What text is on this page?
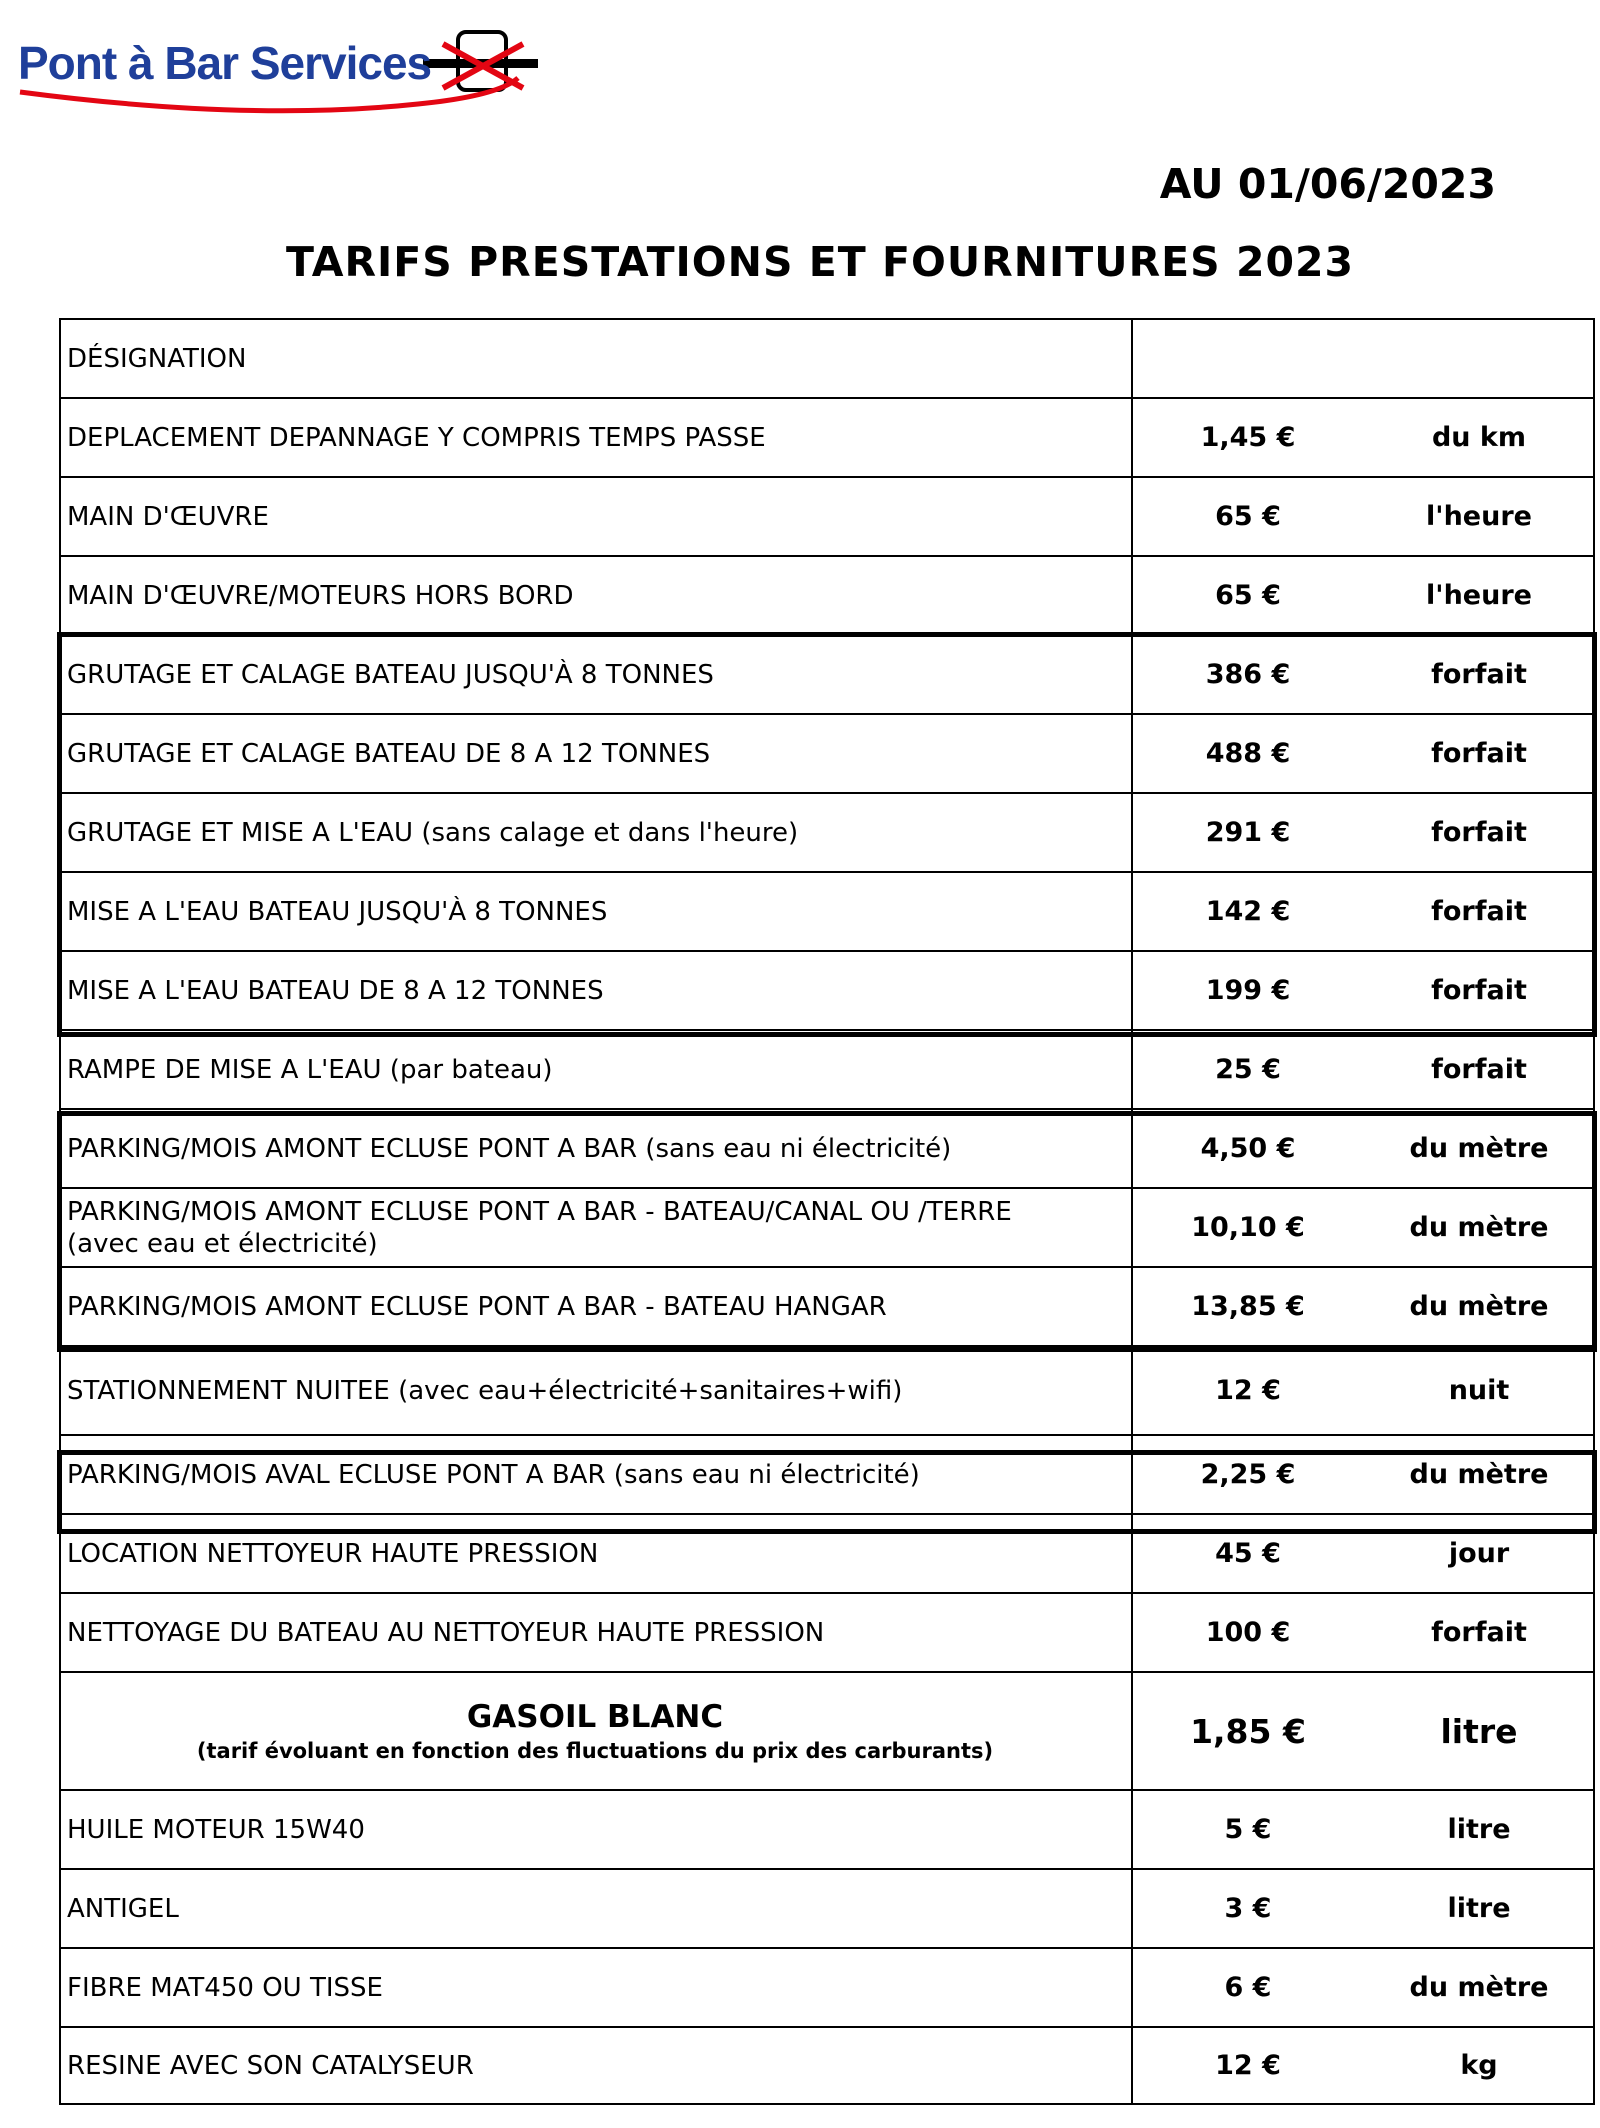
Pont à Bar Services
AU 01/06/2023
TARIFS PRESTATIONS ET FOURNITURES 2023
DÉSIGNATION
DEPLACEMENT DEPANNAGE Y COMPRIS TEMPS PASSE	1,45 €	du km
MAIN D'ŒUVRE	65 €	l'heure
MAIN D'ŒUVRE/MOTEURS HORS BORD	65 €	l'heure
GRUTAGE ET CALAGE BATEAU JUSQU'À 8 TONNES	386 €	forfait
GRUTAGE ET CALAGE BATEAU DE 8 A 12 TONNES	488 €	forfait
GRUTAGE ET MISE A L'EAU (sans calage et dans l'heure)	291 €	forfait
MISE A L'EAU BATEAU JUSQU'À 8 TONNES	142 €	forfait
MISE A L'EAU BATEAU DE 8 A 12 TONNES	199 €	forfait
RAMPE DE MISE A L'EAU (par bateau)	25 €	forfait
PARKING/MOIS AMONT ECLUSE PONT A BAR (sans eau ni électricité)	4,50 €	du mètre
PARKING/MOIS AMONT ECLUSE PONT A BAR - BATEAU/CANAL OU /TERRE
(avec eau et électricité)
10,10 €	du mètre
PARKING/MOIS AMONT ECLUSE PONT A BAR - BATEAU HANGAR	13,85 €	du mètre
STATIONNEMENT NUITEE (avec eau+électricité+sanitaires+wifi)	12 €	nuit
PARKING/MOIS AVAL ECLUSE PONT A BAR (sans eau ni électricité)	2,25 €	du mètre
LOCATION NETTOYEUR HAUTE PRESSION	45 €	jour
NETTOYAGE DU BATEAU AU NETTOYEUR HAUTE PRESSION	100 €	forfait
GASOIL BLANC
(tarif évoluant en fonction des fluctuations du prix des carburants)
1,85 €	litre
HUILE MOTEUR 15W40	5 €	litre
ANTIGEL	3 €	litre
FIBRE MAT450 OU TISSE	6 €	du mètre
RESINE AVEC SON CATALYSEUR	12 €	kg
